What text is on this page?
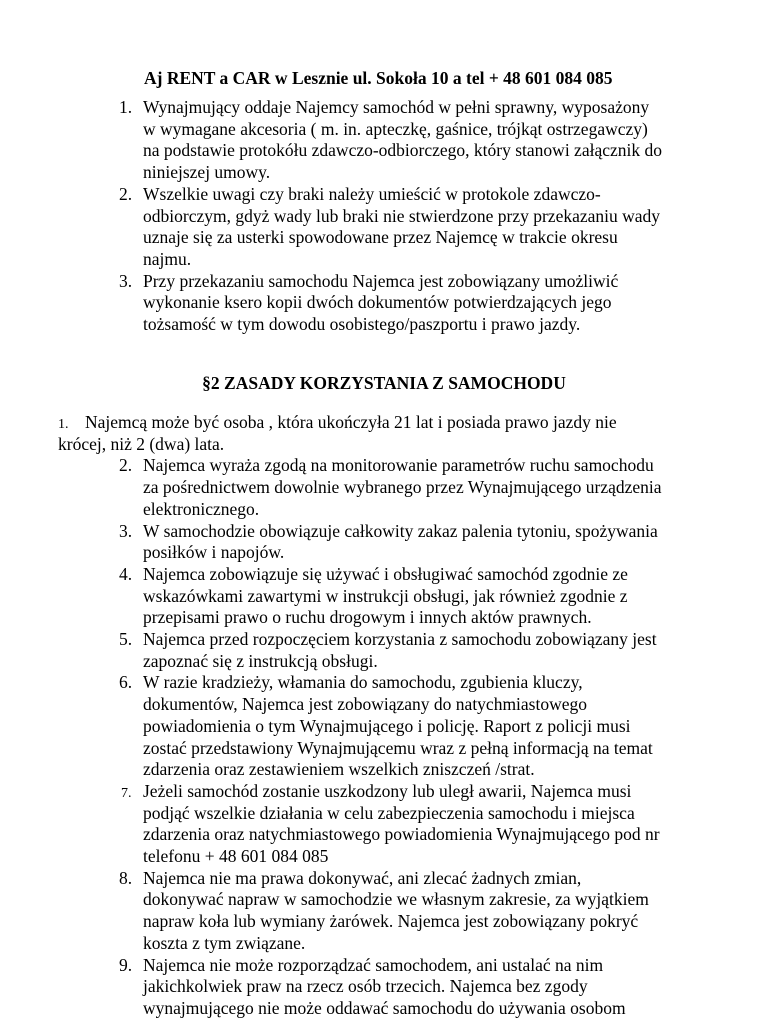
Aj RENT a CAR w Lesznie ul. Sokoła 10 a tel + 48 601 084 085
1. Wynajmujący oddaje Najemcy samochód w pełni sprawny, wyposażony
w wymagane akcesoria ( m. in. apteczkę, gaśnice, trójkąt ostrzegawczy)
na podstawie protokółu zdawczo-odbiorczego, który stanowi załącznik do
niniejszej umowy.
2. Wszelkie uwagi czy braki należy umieścić w protokole zdawczo-
odbiorczym, gdyż wady lub braki nie stwierdzone przy przekazaniu wady
uznaje się za usterki spowodowane przez Najemcę w trakcie okresu
najmu.
3. Przy przekazaniu samochodu Najemca jest zobowiązany umożliwić
wykonanie ksero kopii dwóch dokumentów potwierdzających jego
tożsamość w tym dowodu osobistego/paszportu i prawo jazdy.
§2 ZASADY KORZYSTANIA Z SAMOCHODU
1. Najemcą może być osoba , która ukończyła 21 lat i posiada prawo jazdy nie
krócej, niż 2 (dwa) lata.
2. Najemca wyraża zgodą na monitorowanie parametrów ruchu samochodu
za pośrednictwem dowolnie wybranego przez Wynajmującego urządzenia
elektronicznego.
3. W samochodzie obowiązuje całkowity zakaz palenia tytoniu, spożywania
posiłków i napojów.
4. Najemca zobowiązuje się używać i obsługiwać samochód zgodnie ze
wskazówkami zawartymi w instrukcji obsługi, jak również zgodnie z
przepisami prawo o ruchu drogowym i innych aktów prawnych.
5. Najemca przed rozpoczęciem korzystania z samochodu zobowiązany jest
zapoznać się z instrukcją obsługi.
6. W razie kradzieży, włamania do samochodu, zgubienia kluczy,
dokumentów, Najemca jest zobowiązany do natychmiastowego
powiadomienia o tym Wynajmującego i policję. Raport z policji musi
zostać przedstawiony Wynajmującemu wraz z pełną informacją na temat
zdarzenia oraz zestawieniem wszelkich zniszczeń /strat.
7. Jeżeli samochód zostanie uszkodzony lub uległ awarii, Najemca musi
podjąć wszelkie działania w celu zabezpieczenia samochodu i miejsca
zdarzenia oraz natychmiastowego powiadomienia Wynajmującego pod nr
telefonu + 48 601 084 085
8. Najemca nie ma prawa dokonywać, ani zlecać żadnych zmian,
dokonywać napraw w samochodzie we własnym zakresie, za wyjątkiem
napraw koła lub wymiany żarówek. Najemca jest zobowiązany pokryć
koszta z tym związane.
9. Najemca nie może rozporządzać samochodem, ani ustalać na nim
jakichkolwiek praw na rzecz osób trzecich. Najemca bez zgody
wynajmującego nie może oddawać samochodu do używania osobom
